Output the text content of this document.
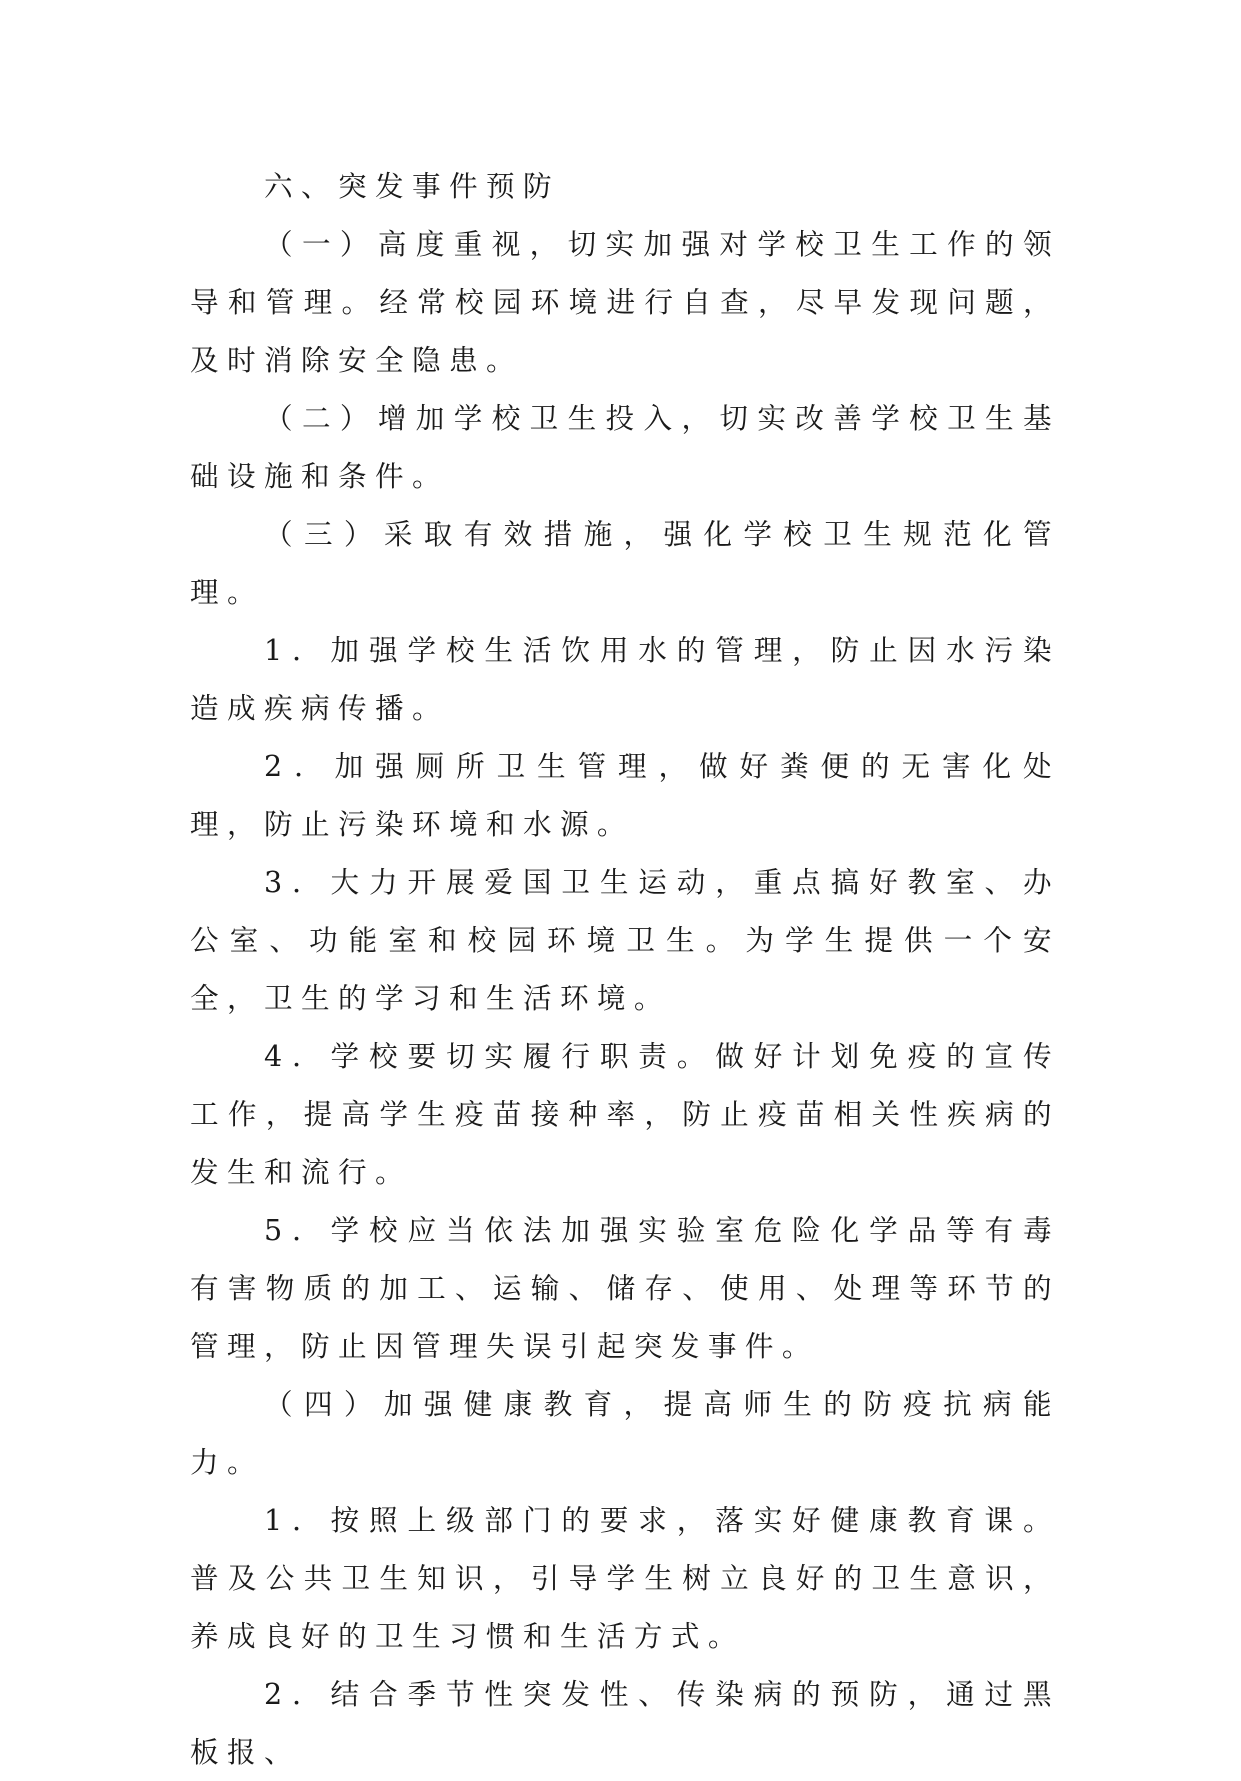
六、突发事件预防

（一）高度重视，切实加强对学校卫生工作的领导和管理。经常校园环境进行自查，尽早发现问题，及时消除安全隐患。

（二）增加学校卫生投入，切实改善学校卫生基础设施和条件。

（三）采取有效措施，强化学校卫生规范化管理。

1．加强学校生活饮用水的管理，防止因水污染造成疾病传播。

2．加强厕所卫生管理，做好粪便的无害化处理，防止污染环境和水源。

3．大力开展爱国卫生运动，重点搞好教室、办公室、功能室和校园环境卫生。为学生提供一个安全，卫生的学习和生活环境。

4．学校要切实履行职责。做好计划免疫的宣传工作，提高学生疫苗接种率，防止疫苗相关性疾病的发生和流行。

5．学校应当依法加强实验室危险化学品等有毒有害物质的加工、运输、储存、使用、处理等环节的管理，防止因管理失误引起突发事件。

（四）加强健康教育，提高师生的防疫抗病能力。

1．按照上级部门的要求，落实好健康教育课。普及公共卫生知识，引导学生树立良好的卫生意识，养成良好的卫生习惯和生活方式。

2．结合季节性突发性、传染病的预防，通过黑板报、
